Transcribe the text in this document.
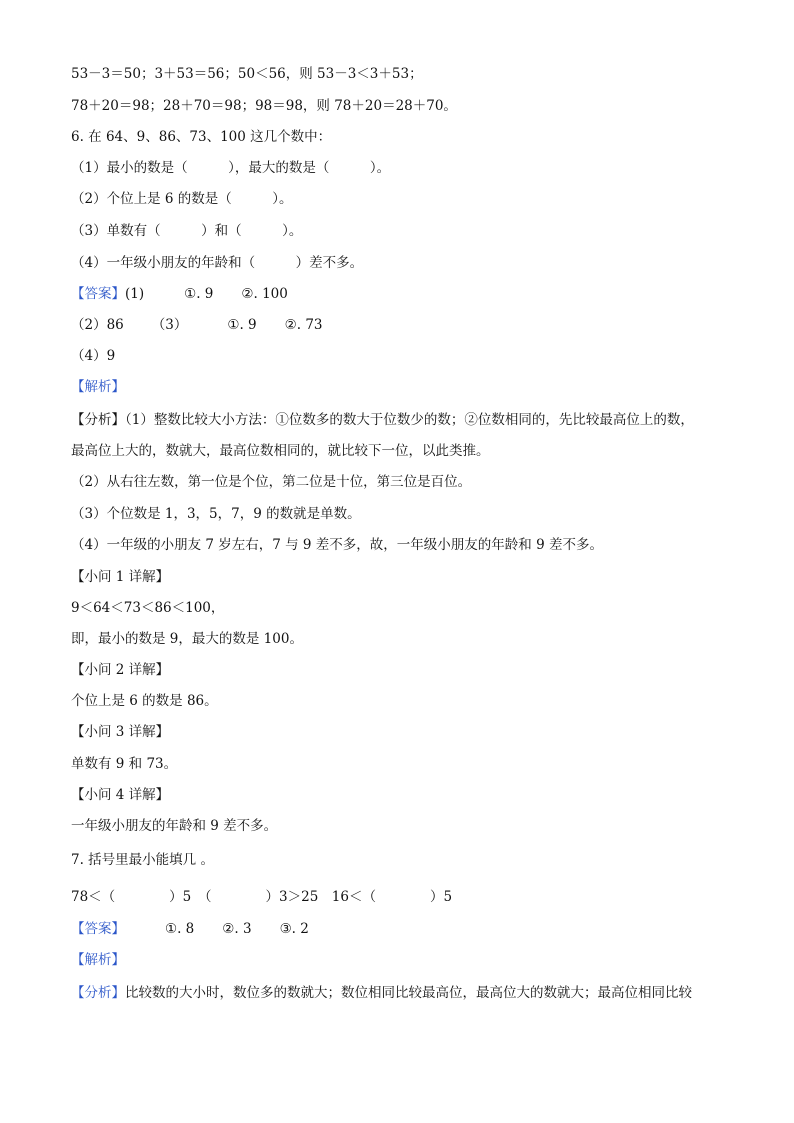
53－3＝50；3＋53＝56；50＜56，则 53－3＜3＋53；
78＋20＝98；28＋70＝98；98＝98，则 78＋20＝28＋70。
6. 在 64、9、86、73、100 这几个数中：
（1）最小的数是（　　　），最大的数是（　　　）。
（2）个位上是 6 的数是（　　　）。
（3）单数有（　　　）和（　　　）。
（4）一年级小朋友的年龄和（　　　）差不多。
【答案】(1)	①. 9 ②. 100
（2）86 （3）	①. 9 ②. 73
（4）9
【解析】
【分析】（1）整数比较大小方法：①位数多的数大于位数少的数；②位数相同的，先比较最高位上的数，
最高位上大的，数就大，最高位数相同的，就比较下一位，以此类推。
（2）从右往左数，第一位是个位，第二位是十位，第三位是百位。
（3）个位数是 1，3，5，7，9 的数就是单数。
（4）一年级的小朋友 7 岁左右，7 与 9 差不多，故，一年级小朋友的年龄和 9 差不多。
【小问 1 详解】
9＜64＜73＜86＜100，
即，最小的数是 9，最大的数是 100。
【小问 2 详解】
个位上是 6 的数是 86。
【小问 3 详解】
单数有 9 和 73。
【小问 4 详解】
一年级小朋友的年龄和 9 差不多。
7. 括号里最小能填几 。
78＜（　　　　）5　（　　　　）3＞25　16＜（　　　　）5
【答案】	①. 8 ②. 3 ③. 2
【解析】
【分析】比较数的大小时，数位多的数就大；数位相同比较最高位，最高位大的数就大；最高位相同比较
